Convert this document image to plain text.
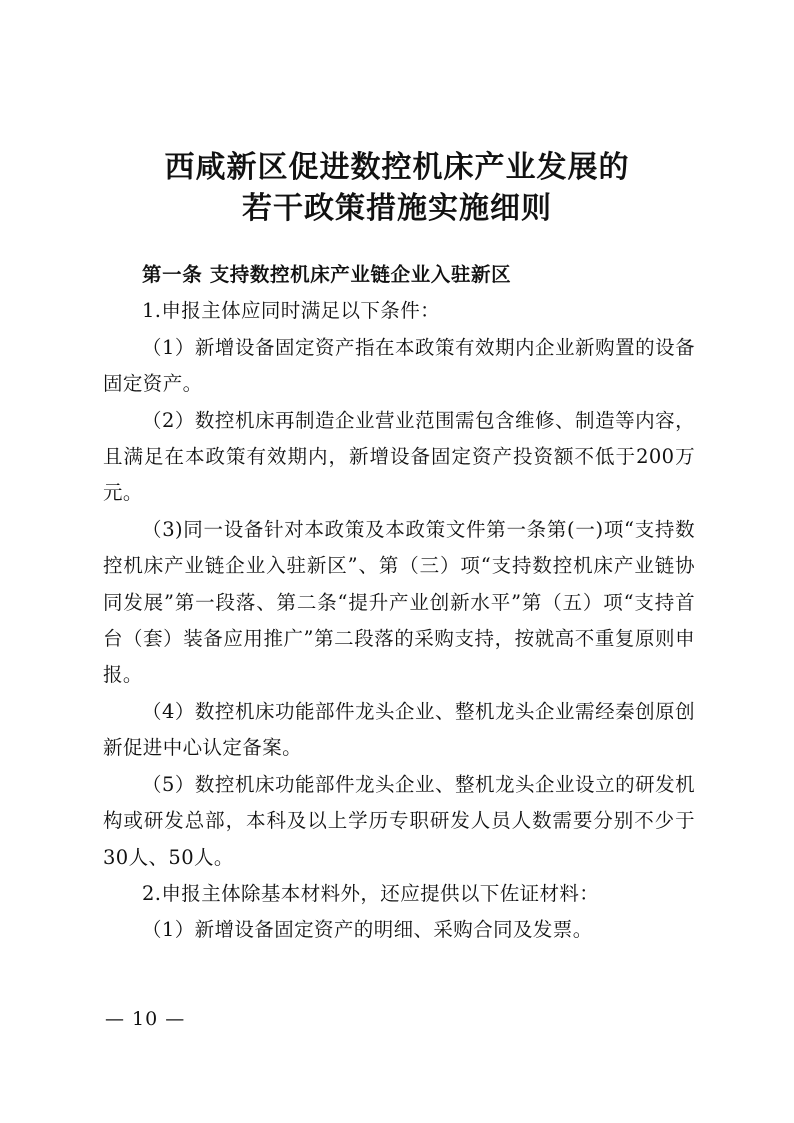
西咸新区促进数控机床产业发展的
若干政策措施实施细则

第一条 支持数控机床产业链企业入驻新区

1.申报主体应同时满足以下条件：

（1）新增设备固定资产指在本政策有效期内企业新购置的设备固定资产。

（2）数控机床再制造企业营业范围需包含维修、制造等内容，且满足在本政策有效期内，新增设备固定资产投资额不低于200万元。

（3)同一设备针对本政策及本政策文件第一条第(一)项“支持数控机床产业链企业入驻新区”、第（三）项“支持数控机床产业链协同发展”第一段落、第二条“提升产业创新水平”第（五）项“支持首台（套）装备应用推广”第二段落的采购支持，按就高不重复原则申报。

（4）数控机床功能部件龙头企业、整机龙头企业需经秦创原创新促进中心认定备案。

（5）数控机床功能部件龙头企业、整机龙头企业设立的研发机构或研发总部，本科及以上学历专职研发人员人数需要分别不少于30人、50人。

2.申报主体除基本材料外，还应提供以下佐证材料：

（1）新增设备固定资产的明细、采购合同及发票。

— 10 —
